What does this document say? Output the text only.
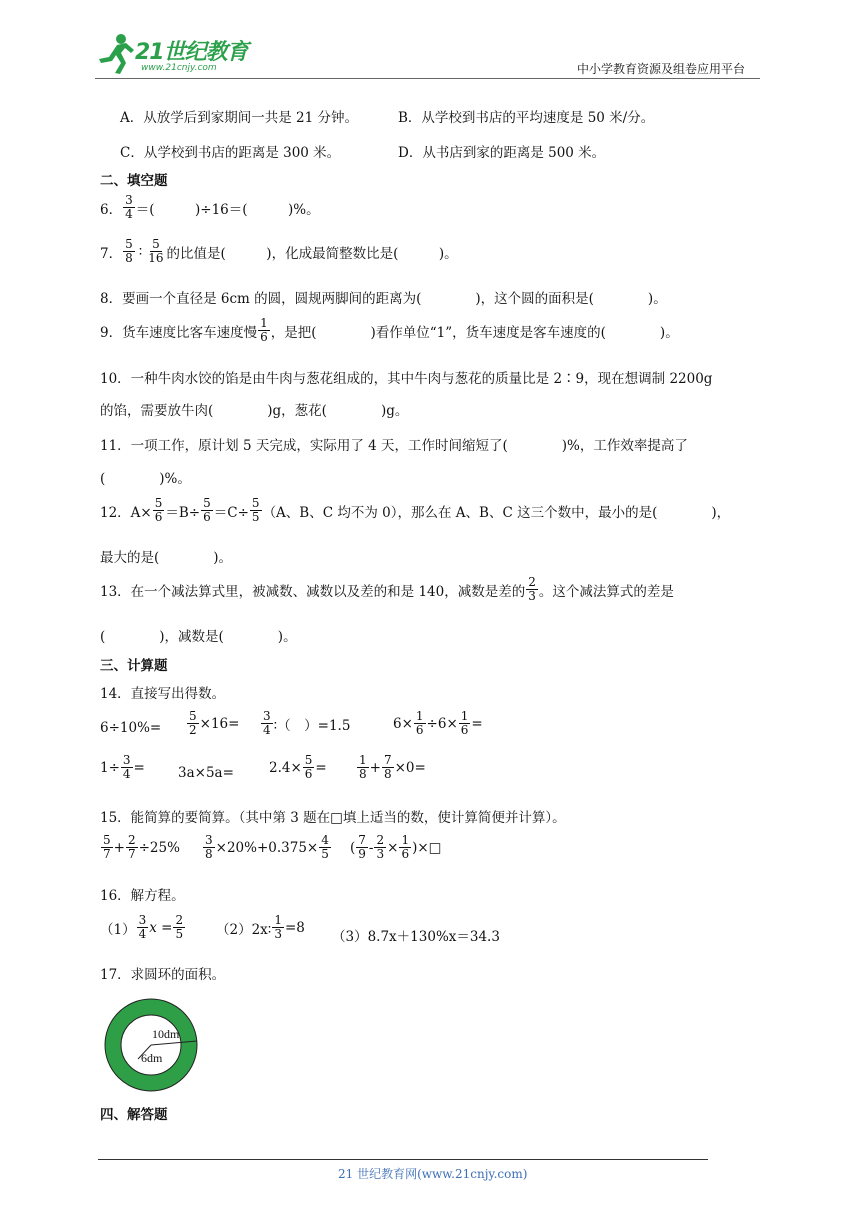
21世纪教育
www.21cnjy.com	中小学教育资源及组卷应用平台
A．从放学后到家期间一共是 21 分钟。	B．从学校到书店的平均速度是 50 米/分。
C．从学校到书店的距离是 300 米。	D．从书店到家的距离是 500 米。
二、填空题
6． $\frac{3}{4}$ ＝(　　　)÷16＝(　　　)%。
7． $\frac{5}{8}$ ∶ $\frac{5}{16}$ 的比值是(　　　)，化成最简整数比是(　　　)。
8．要画一个直径是 6cm 的圆，圆规两脚间的距离为(　　　　)，这个圆的面积是(　　　　)。
9．货车速度比客车速度慢 $\frac{1}{6}$ ，是把(　　　　)看作单位“1”，货车速度是客车速度的(　　　　)。
10．一种牛肉水饺的馅是由牛肉与葱花组成的，其中牛肉与葱花的质量比是 2∶9，现在想调制 2200g
的馅，需要放牛肉(　　　　)g，葱花(　　　　)g。
11．一项工作，原计划 5 天完成，实际用了 4 天，工作时间缩短了(　　　　)%，工作效率提高了
(　　　　)%。
12．$A\times \frac{5}{6} =B\div \frac{5}{6} =C\div \frac{5}{5} (A$、B、C 均不为 0），那么在 A、B、C 这三个数中，最小的是(　　　　)，
最大的是(　　　　)。
13．在一个减法算式里，被减数、减数以及差的和是 140，减数是差的 $\frac{2}{3}$ 。这个减法算式的差是
(　　　　)，减数是(　　　　)。
三、计算题
14．直接写出得数。
$6\div 10\%= \frac{5}{2} \times 16= \frac{3}{4}$ ∶（　）=1.5	$6\times \frac{1}{6} \div 6\times \frac{1}{6}$ =
$1\div \frac{3}{4} = 3a\times 5a=$	$2.4\times \frac{5}{6}$ =	$\frac{1}{8} + \frac{7}{8} \times 0=$
15．能简算的要简算。（其中第 3 题在□填上适当的数，使计算简便并计算）。
$\frac{5}{7} + \frac{2}{7} \div 25\% \frac{3}{8} \times 20\%+0.375\times \frac{4}{5}$ ( $\frac{7}{9} - \frac{2}{3} \times \frac{1}{6}$ )×□
16．解方程。
$(1) \frac{3}{4}$ $x = \frac{2}{5}$ （2）2x∶ $\frac{1}{3} =8$
（3）8.7x＋130%x＝34.3
17．求圆环的面积。
10dm
6dm
四、解答题
21 世纪教育网(www.21cnjy.com)
